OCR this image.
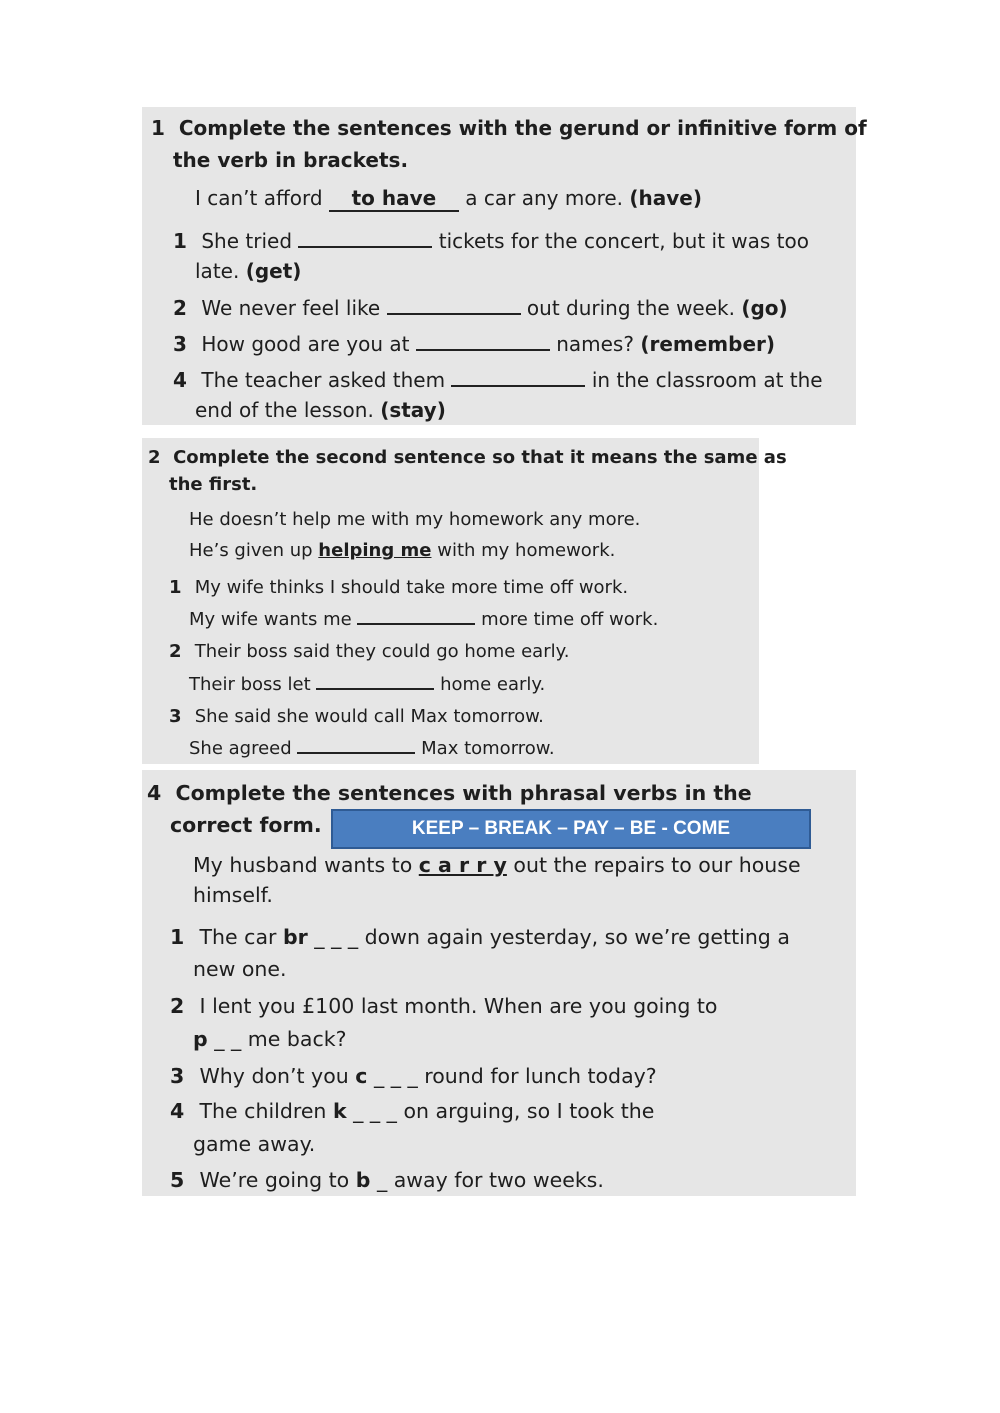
1 Complete the sentences with the gerund or infinitive form of
the verb in brackets.
I can’t afford to have a car any more. (have)
1 She tried	tickets for the concert, but it was too
late. (get)
2 We never feel like	out during the week. (go)
3 How good are you at	names? (remember)
4 The teacher asked them	in the classroom at the
end of the lesson. (stay)
2 Complete the second sentence so that it means the same as
the first.
He doesn’t help me with my homework any more.
He’s given up helping me with my homework.
1 My wife thinks I should take more time off work.
My wife wants me	more time off work.
2 Their boss said they could go home early.
Their boss let	home early.
3 She said she would call Max tomorrow.
She agreed	Max tomorrow.
4 Complete the sentences with phrasal verbs in the
correct form.	KEEP – BREAK – PAY – BE - COME
My husband wants to c a r r y out the repairs to our house
himself.
1 The car br _ _ _ down again yesterday, so we’re getting a
new one.
2 I lent you £100 last month. When are you going to
p _ _ me back?
3 Why don’t you c _ _ _ round for lunch today?
4 The children k _ _ _ on arguing, so I took the
game away.
5 We’re going to b _ away for two weeks.
